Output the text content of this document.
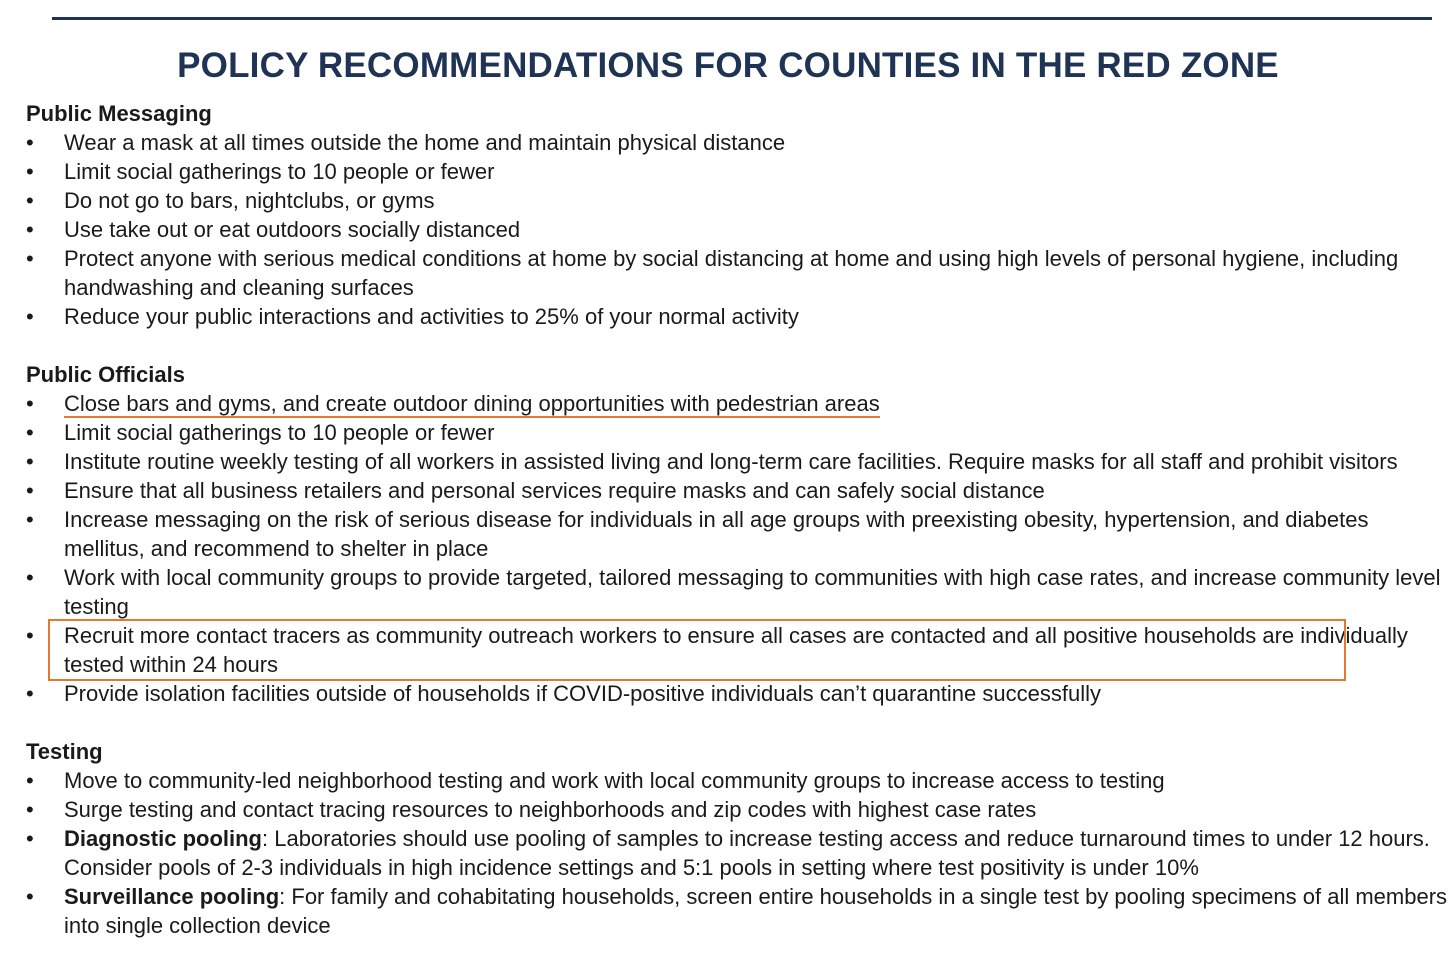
POLICY RECOMMENDATIONS FOR COUNTIES IN THE RED ZONE
Public Messaging
• Wear a mask at all times outside the home and maintain physical distance
• Limit social gatherings to 10 people or fewer
• Do not go to bars, nightclubs, or gyms
• Use take out or eat outdoors socially distanced
• Protect anyone with serious medical conditions at home by social distancing at home and using high levels of personal hygiene, including handwashing and cleaning surfaces
• Reduce your public interactions and activities to 25% of your normal activity
Public Officials
• Close bars and gyms, and create outdoor dining opportunities with pedestrian areas
• Limit social gatherings to 10 people or fewer
• Institute routine weekly testing of all workers in assisted living and long-term care facilities. Require masks for all staff and prohibit visitors
• Ensure that all business retailers and personal services require masks and can safely social distance
• Increase messaging on the risk of serious disease for individuals in all age groups with preexisting obesity, hypertension, and diabetes mellitus, and recommend to shelter in place
• Work with local community groups to provide targeted, tailored messaging to communities with high case rates, and increase community level testing
• Recruit more contact tracers as community outreach workers to ensure all cases are contacted and all positive households are individually tested within 24 hours
• Provide isolation facilities outside of households if COVID-positive individuals can’t quarantine successfully
Testing
• Move to community-led neighborhood testing and work with local community groups to increase access to testing
• Surge testing and contact tracing resources to neighborhoods and zip codes with highest case rates
• Diagnostic pooling: Laboratories should use pooling of samples to increase testing access and reduce turnaround times to under 12 hours. Consider pools of 2-3 individuals in high incidence settings and 5:1 pools in setting where test positivity is under 10%
• Surveillance pooling: For family and cohabitating households, screen entire households in a single test by pooling specimens of all members into single collection device
